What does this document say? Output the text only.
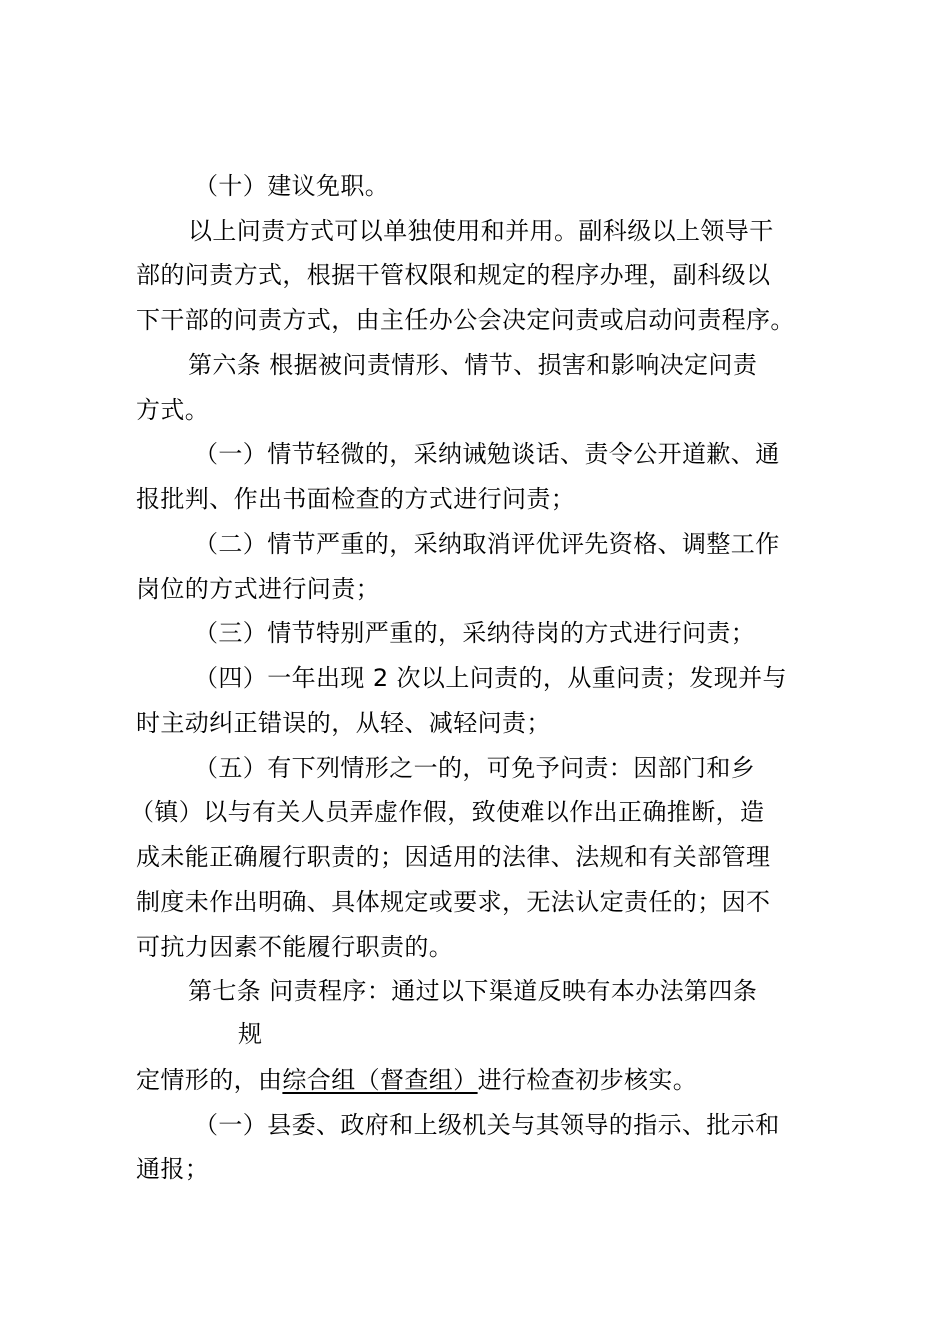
（十）建议免职。
以上问责方式可以单独使用和并用。副科级以上领导干
部的问责方式，根据干管权限和规定的程序办理，副科级以
下干部的问责方式，由主任办公会决定问责或启动问责程序。
第六条 根据被问责情形、情节、损害和影响决定问责
方式。
（一）情节轻微的，采纳诫勉谈话、责令公开道歉、通
报批判、作出书面检查的方式进行问责；
（二）情节严重的，采纳取消评优评先资格、调整工作
岗位的方式进行问责；
（三）情节特别严重的，采纳待岗的方式进行问责；
（四）一年出现 2 次以上问责的，从重问责；发现并与
时主动纠正错误的，从轻、减轻问责；
（五）有下列情形之一的，可免予问责：因部门和乡
（镇）以与有关人员弄虚作假，致使难以作出正确推断，造
成未能正确履行职责的；因适用的法律、法规和有关部管理
制度未作出明确、具体规定或要求，无法认定责任的；因不
可抗力因素不能履行职责的。
第七条 问责程序：通过以下渠道反映有本办法第四条
规
定情形的，由综合组（督查组）进行检查初步核实。
（一）县委、政府和上级机关与其领导的指示、批示和
通报；
